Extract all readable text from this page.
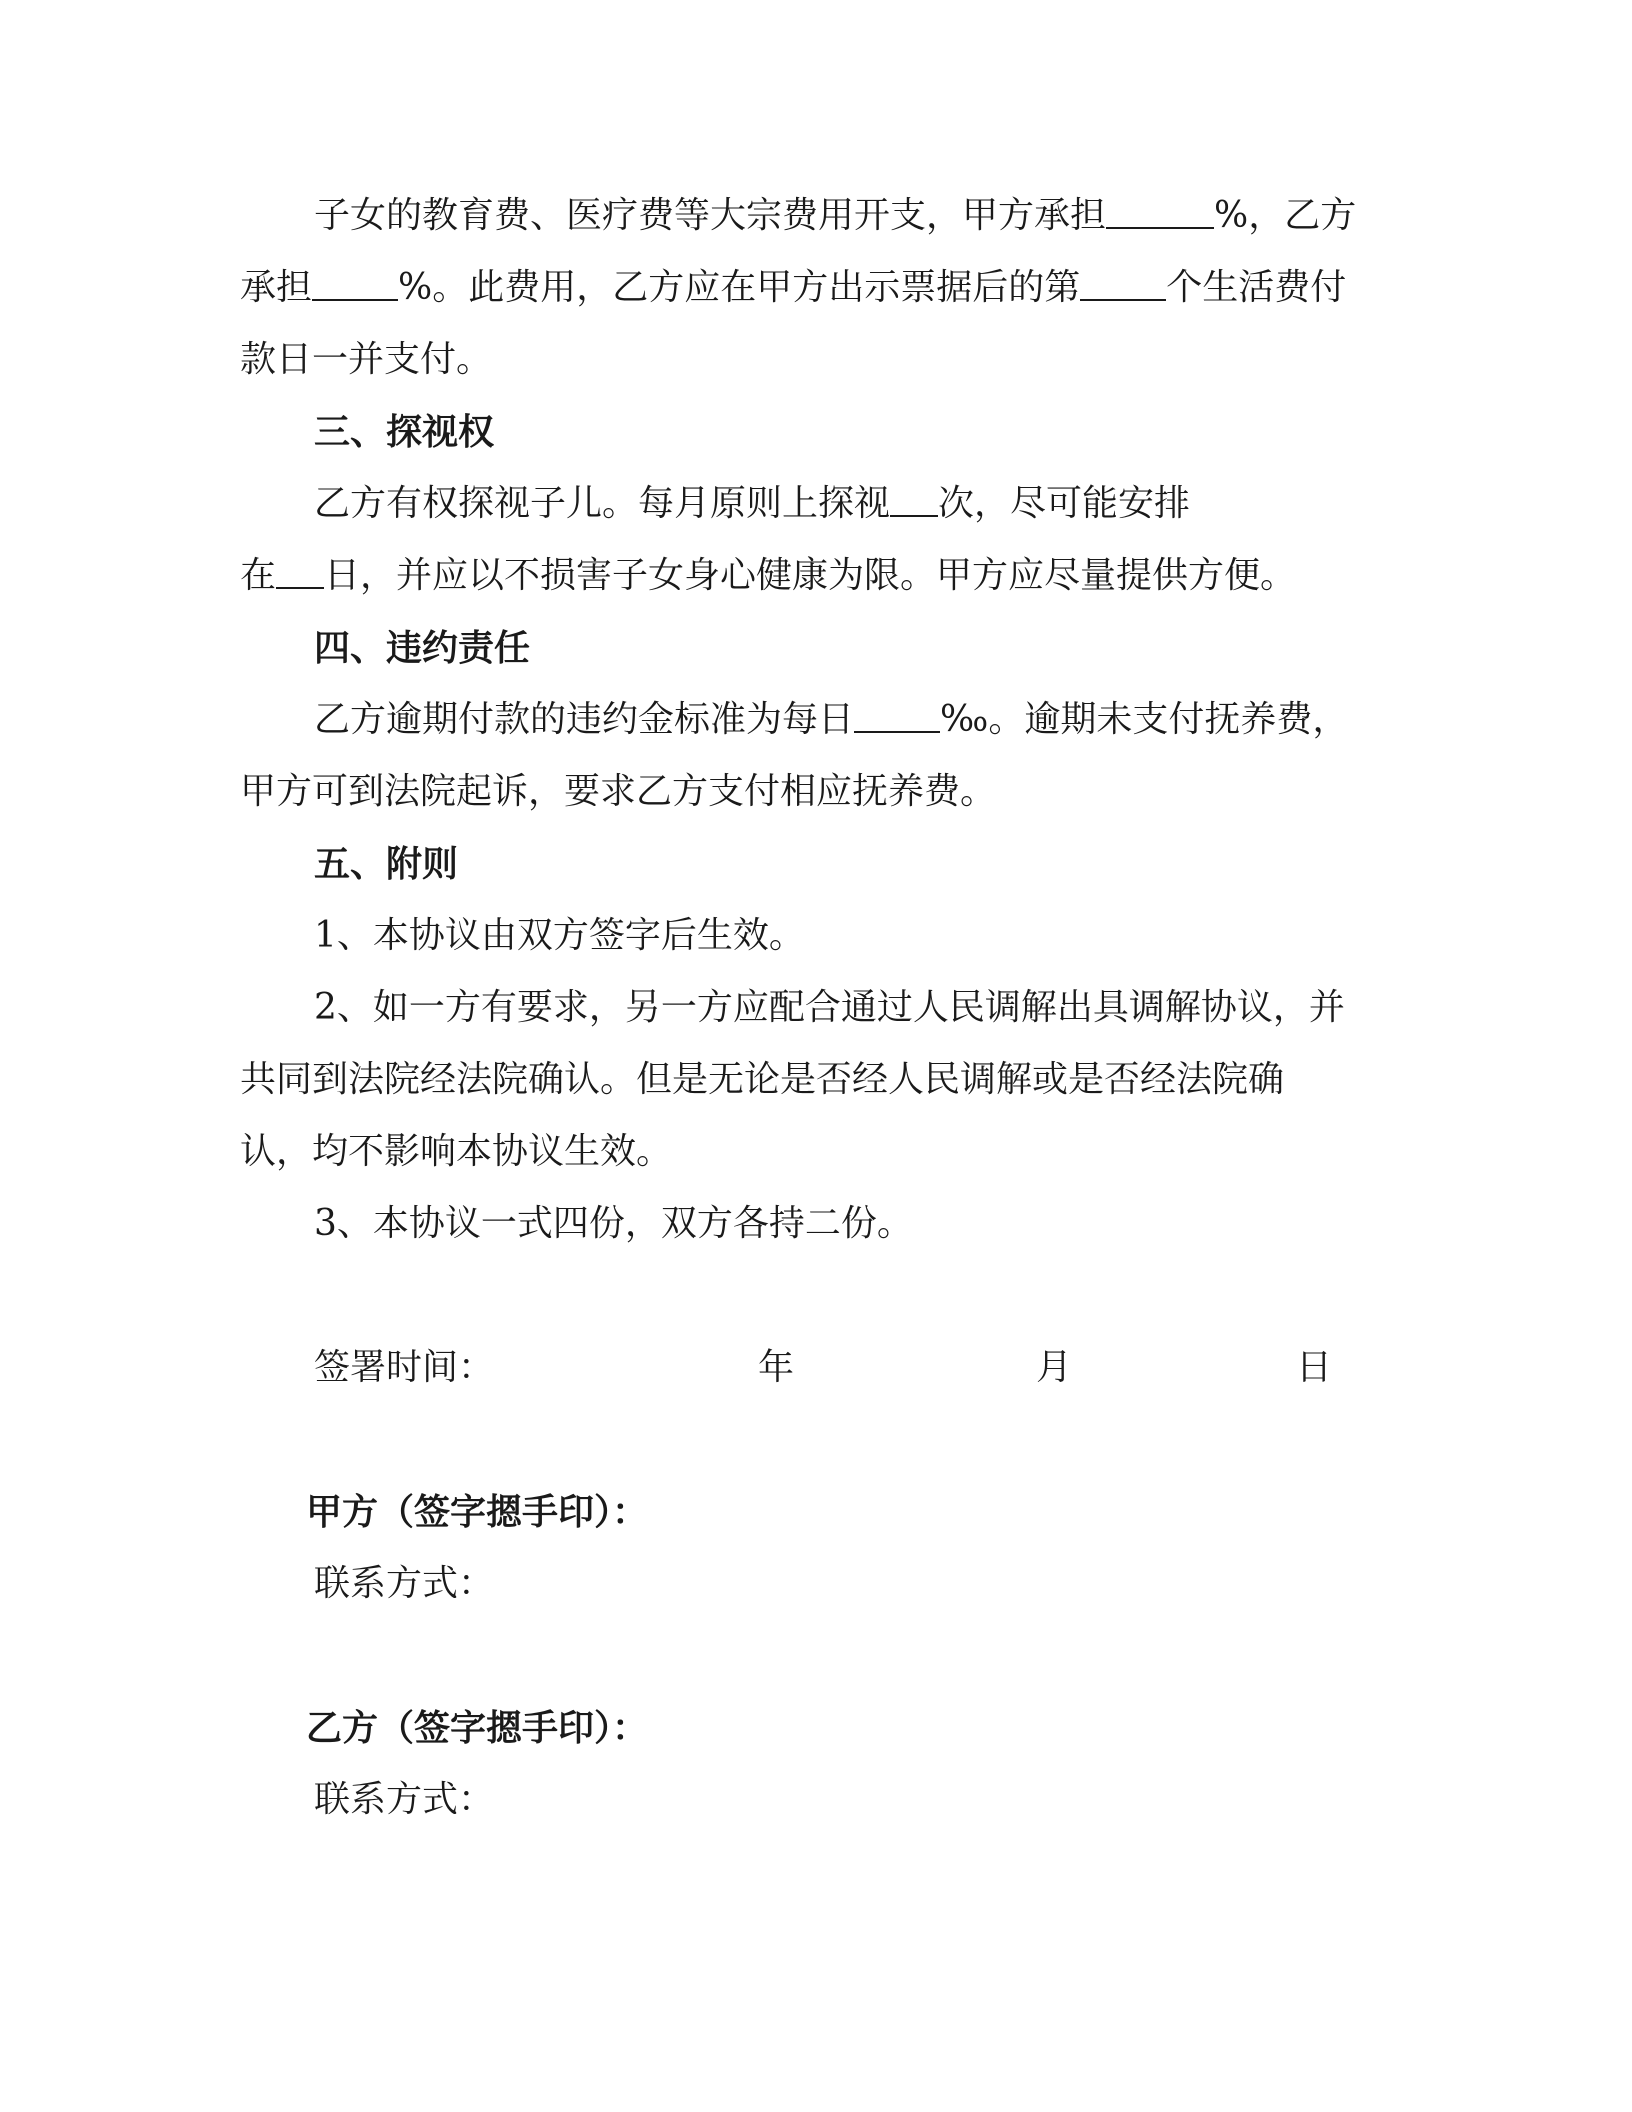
子女的教育费、医疗费等大宗费用开支，甲方承担	%，乙方
承担 %。此费用，乙方应在甲方出示票据后的第 个生活费付
款日一并支付。
三、探视权
乙方有权探视子儿。每月原则上探视 次，尽可能安排
在 日，并应以不损害子女身心健康为限。甲方应尽量提供方便。
四、违约责任
乙方逾期付款的违约金标准为每日 ‰。逾期未支付抚养费，
甲方可到法院起诉，要求乙方支付相应抚养费。
五、附则
1、本协议由双方签字后生效。
2、如一方有要求，另一方应配合通过人民调解出具调解协议，并
共同到法院经法院确认。但是无论是否经人民调解或是否经法院确
认，均不影响本协议生效。
3、本协议一式四份，双方各持二份。
签署时间：	年	月	日
甲方（签字摁手印）：
联系方式：
乙方（签字摁手印）：
联系方式：
